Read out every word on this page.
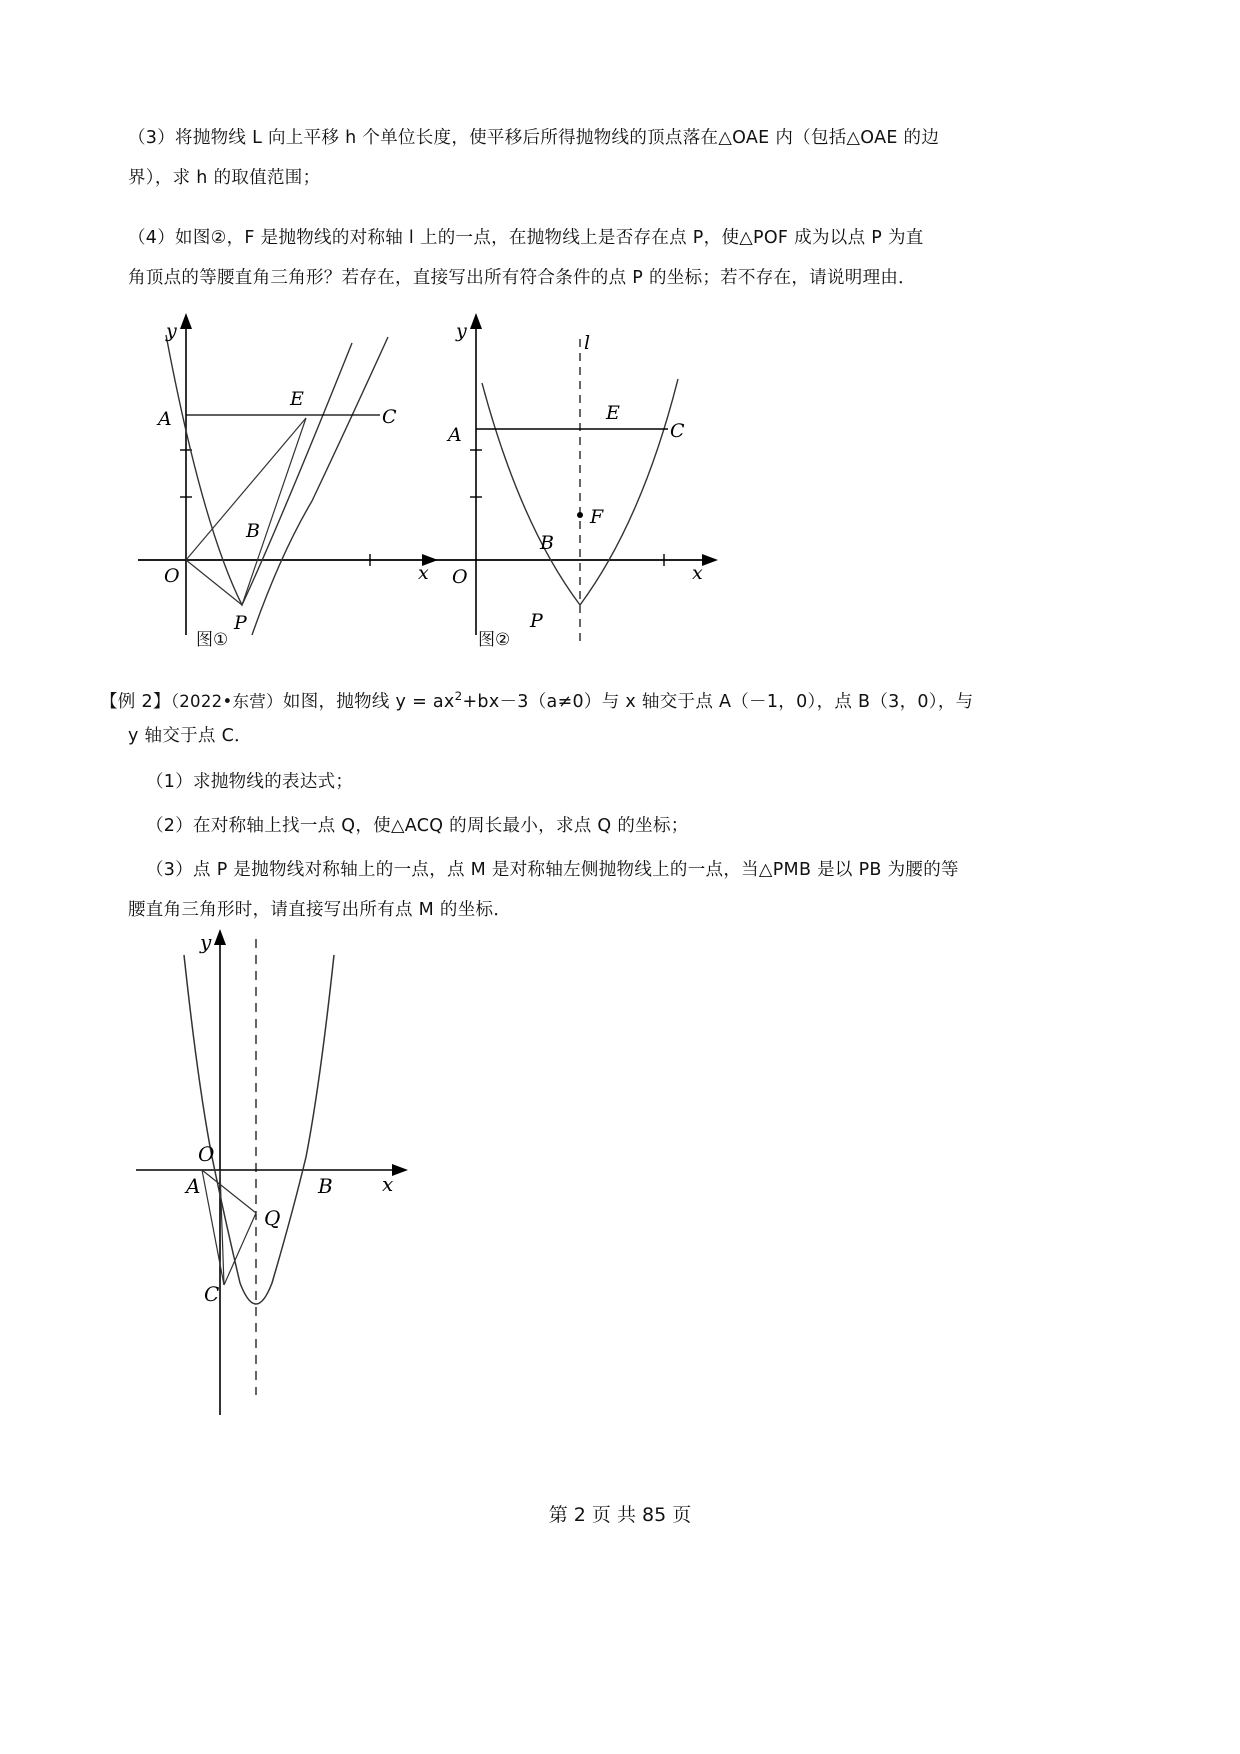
（3）将抛物线 L 向上平移 h 个单位长度，使平移后所得抛物线的顶点落在△OAE 内（包括△OAE 的边
界），求 h 的取值范围；
（4）如图②，F 是抛物线的对称轴 l 上的一点，在抛物线上是否存在点 P，使△POF 成为以点 P 为直
角顶点的等腰直角三角形？若存在，直接写出所有符合条件的点 P 的坐标；若不存在，请说明理由．
A
B
C
E
P
O	x
y
A
B
C
E
F
P
O	x
y
l
图①	图②
【例 2】（2022•东营）如图，抛物线 $y = ax^2+bx-3(a\ne 0)$与 x 轴交于点 A（－1，0），点 B（3，0），与
y 轴交于点 C．
（1）求抛物线的表达式；
（2）在对称轴上找一点 Q，使△ACQ 的周长最小，求点 Q 的坐标；
（3）点 P 是抛物线对称轴上的一点，点 M 是对称轴左侧抛物线上的一点，当△PMB 是以 PB 为腰的等
腰直角三角形时，请直接写出所有点 M 的坐标．
A	B
C
Q
O
x
y
第 2 页 共 85 页
